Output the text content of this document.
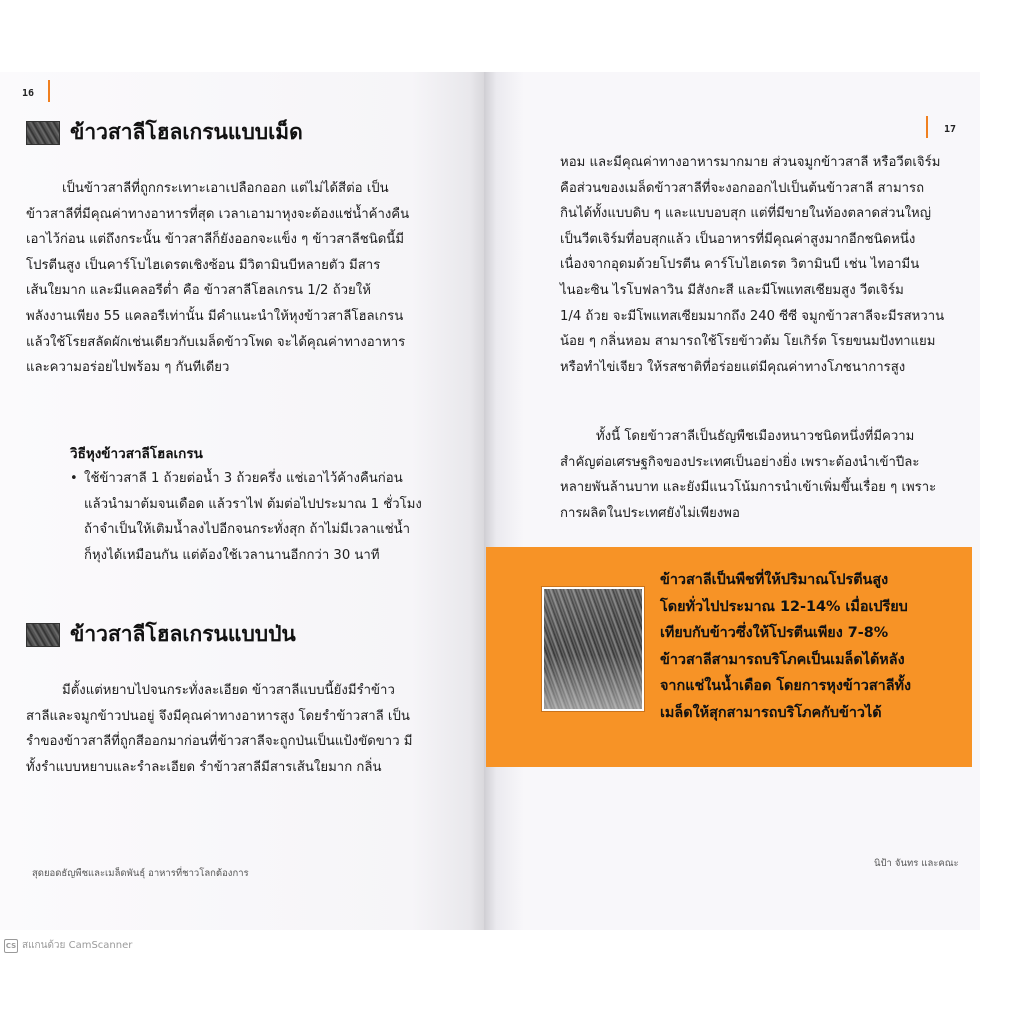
16
ข้าวสาลีโฮลเกรนแบบเม็ด

เป็นข้าวสาลีที่ถูกกระเทาะเอาเปลือกออก แต่ไม่ได้สีต่อ เป็น

ข้าวสาลีที่มีคุณค่าทางอาหารที่สุด เวลาเอามาหุงจะต้องแช่น้ำค้างคืน

เอาไว้ก่อน แต่ถึงกระนั้น ข้าวสาลีก็ยังออกจะแข็ง ๆ ข้าวสาลีชนิดนี้มี

โปรตีนสูง เป็นคาร์โบไฮเดรตเชิงซ้อน มีวิตามินบีหลายตัว มีสาร

เส้นใยมาก และมีแคลอรีต่ำ คือ ข้าวสาลีโฮลเกรน 1/2 ถ้วยให้

พลังงานเพียง 55 แคลอรีเท่านั้น มีคำแนะนำให้หุงข้าวสาลีโฮลเกรน

แล้วใช้โรยสลัดผักเช่นเดียวกับเมล็ดข้าวโพด จะได้คุณค่าทางอาหาร

และความอร่อยไปพร้อม ๆ กันทีเดียว

วิธีหุงข้าวสาลีโฮลเกรน
• ใช้ข้าวสาลี 1 ถ้วยต่อน้ำ 3 ถ้วยครึ่ง แช่เอาไว้ค้างคืนก่อน
แล้วนำมาต้มจนเดือด แล้วราไฟ ต้มต่อไปประมาณ 1 ชั่วโมง
ถ้าจำเป็นให้เติมน้ำลงไปอีกจนกระทั่งสุก ถ้าไม่มีเวลาแช่น้ำ
ก็หุงได้เหมือนกัน แต่ต้องใช้เวลานานอีกกว่า 30 นาที
ข้าวสาลีโฮลเกรนแบบป่น

มีตั้งแต่หยาบไปจนกระทั่งละเอียด ข้าวสาลีแบบนี้ยังมีรำข้าว

สาลีและจมูกข้าวปนอยู่ จึงมีคุณค่าทางอาหารสูง โดยรำข้าวสาลี เป็น

รำของข้าวสาลีที่ถูกสีออกมาก่อนที่ข้าวสาลีจะถูกป่นเป็นแป้งขัดขาว มี

ทั้งรำแบบหยาบและรำละเอียด รำข้าวสาลีมีสารเส้นใยมาก กลิ่น

สุดยอดธัญพืชและเมล็ดพันธุ์ อาหารที่ชาวโลกต้องการ
17

หอม และมีคุณค่าทางอาหารมากมาย ส่วนจมูกข้าวสาลี หรือวีตเจิร์ม

คือส่วนของเมล็ดข้าวสาลีที่จะงอกออกไปเป็นต้นข้าวสาลี สามารถ

กินได้ทั้งแบบดิบ ๆ และแบบอบสุก แต่ที่มีขายในท้องตลาดส่วนใหญ่

เป็นวีตเจิร์มที่อบสุกแล้ว เป็นอาหารที่มีคุณค่าสูงมากอีกชนิดหนึ่ง

เนื่องจากอุดมด้วยโปรตีน คาร์โบไฮเดรต วิตามินบี เช่น ไทอามีน

ไนอะซิน ไรโบฟลาวิน มีสังกะสี และมีโพแทสเซียมสูง วีตเจิร์ม

1/4 ถ้วย จะมีโพแทสเซียมมากถึง 240 ซีซี จมูกข้าวสาลีจะมีรสหวาน

น้อย ๆ กลิ่นหอม สามารถใช้โรยข้าวต้ม โยเกิร์ต โรยขนมปังทาแยม

หรือทำไข่เจียว ให้รสชาติที่อร่อยแต่มีคุณค่าทางโภชนาการสูง

ทั้งนี้ โดยข้าวสาลีเป็นธัญพืชเมืองหนาวชนิดหนึ่งที่มีความ

สำคัญต่อเศรษฐกิจของประเทศเป็นอย่างยิ่ง เพราะต้องนำเข้าปีละ

หลายพันล้านบาท และยังมีแนวโน้มการนำเข้าเพิ่มขึ้นเรื่อย ๆ เพราะ

การผลิตในประเทศยังไม่เพียงพอ

นิป้า จันทร และคณะ
ข้าวสาลีเป็นพืชที่ให้ปริมาณโปรตีนสูง
โดยทั่วไปประมาณ 12-14% เมื่อเปรียบ
เทียบกับข้าวซึ่งให้โปรตีนเพียง 7-8%
ข้าวสาลีสามารถบริโภคเป็นเมล็ดได้หลัง
จากแช่ในน้ำเดือด โดยการหุงข้าวสาลีทั้ง
เมล็ดให้สุกสามารถบริโภคกับข้าวได้
CS สแกนด้วย CamScanner
